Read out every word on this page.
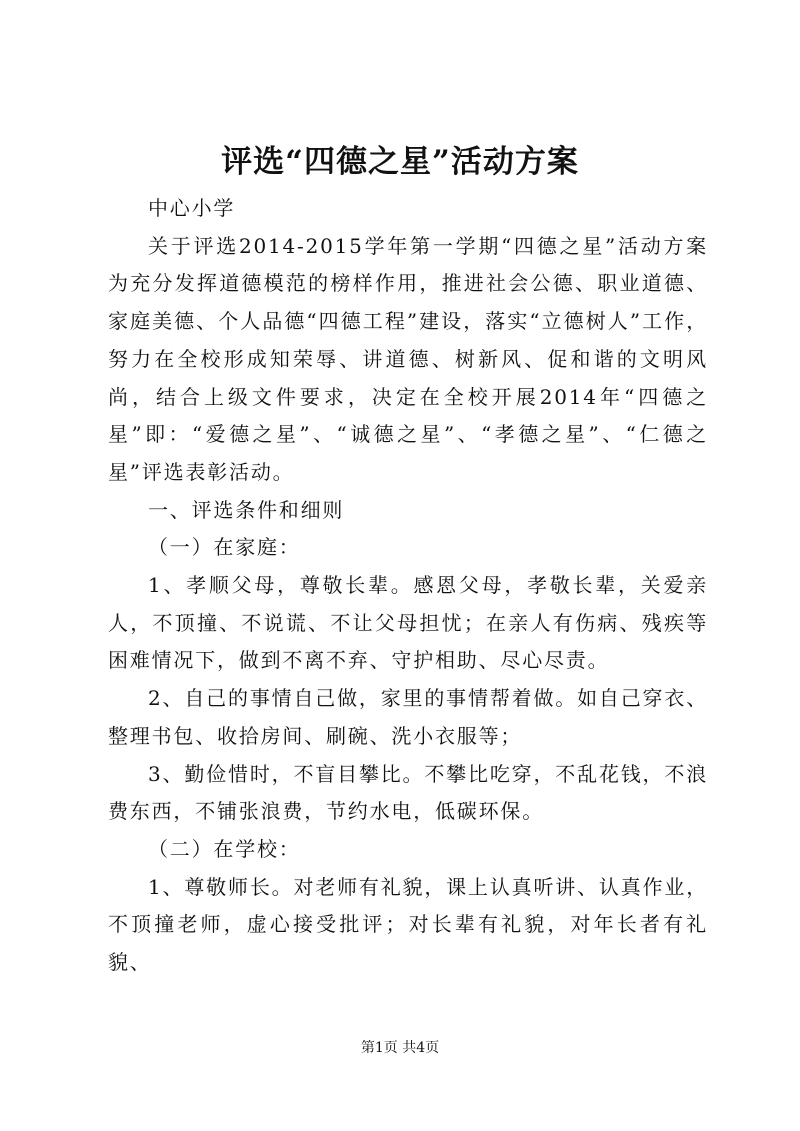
评选“四德之星”活动方案

中心小学

关于评选2014-2015学年第一学期“四德之星”活动方案为充分发挥道德模范的榜样作用，推进社会公德、职业道德、家庭美德、个人品德“四德工程”建设，落实“立德树人”工作，努力在全校形成知荣辱、讲道德、树新风、促和谐的文明风尚，结合上级文件要求，决定在全校开展2014年“四德之星”即：“爱德之星”、“诚德之星”、“孝德之星”、“仁德之星”评选表彰活动。

一、评选条件和细则

（一）在家庭：

1、孝顺父母，尊敬长辈。感恩父母，孝敬长辈，关爱亲人，不顶撞、不说谎、不让父母担忧；在亲人有伤病、残疾等困难情况下，做到不离不弃、守护相助、尽心尽责。

2、自己的事情自己做，家里的事情帮着做。如自己穿衣、整理书包、收拾房间、刷碗、洗小衣服等；

3、勤俭惜时，不盲目攀比。不攀比吃穿，不乱花钱，不浪费东西，不铺张浪费，节约水电，低碳环保。

（二）在学校：

1、尊敬师长。对老师有礼貌，课上认真听讲、认真作业，不顶撞老师，虚心接受批评；对长辈有礼貌，对年长者有礼貌、

第1页 共4页
